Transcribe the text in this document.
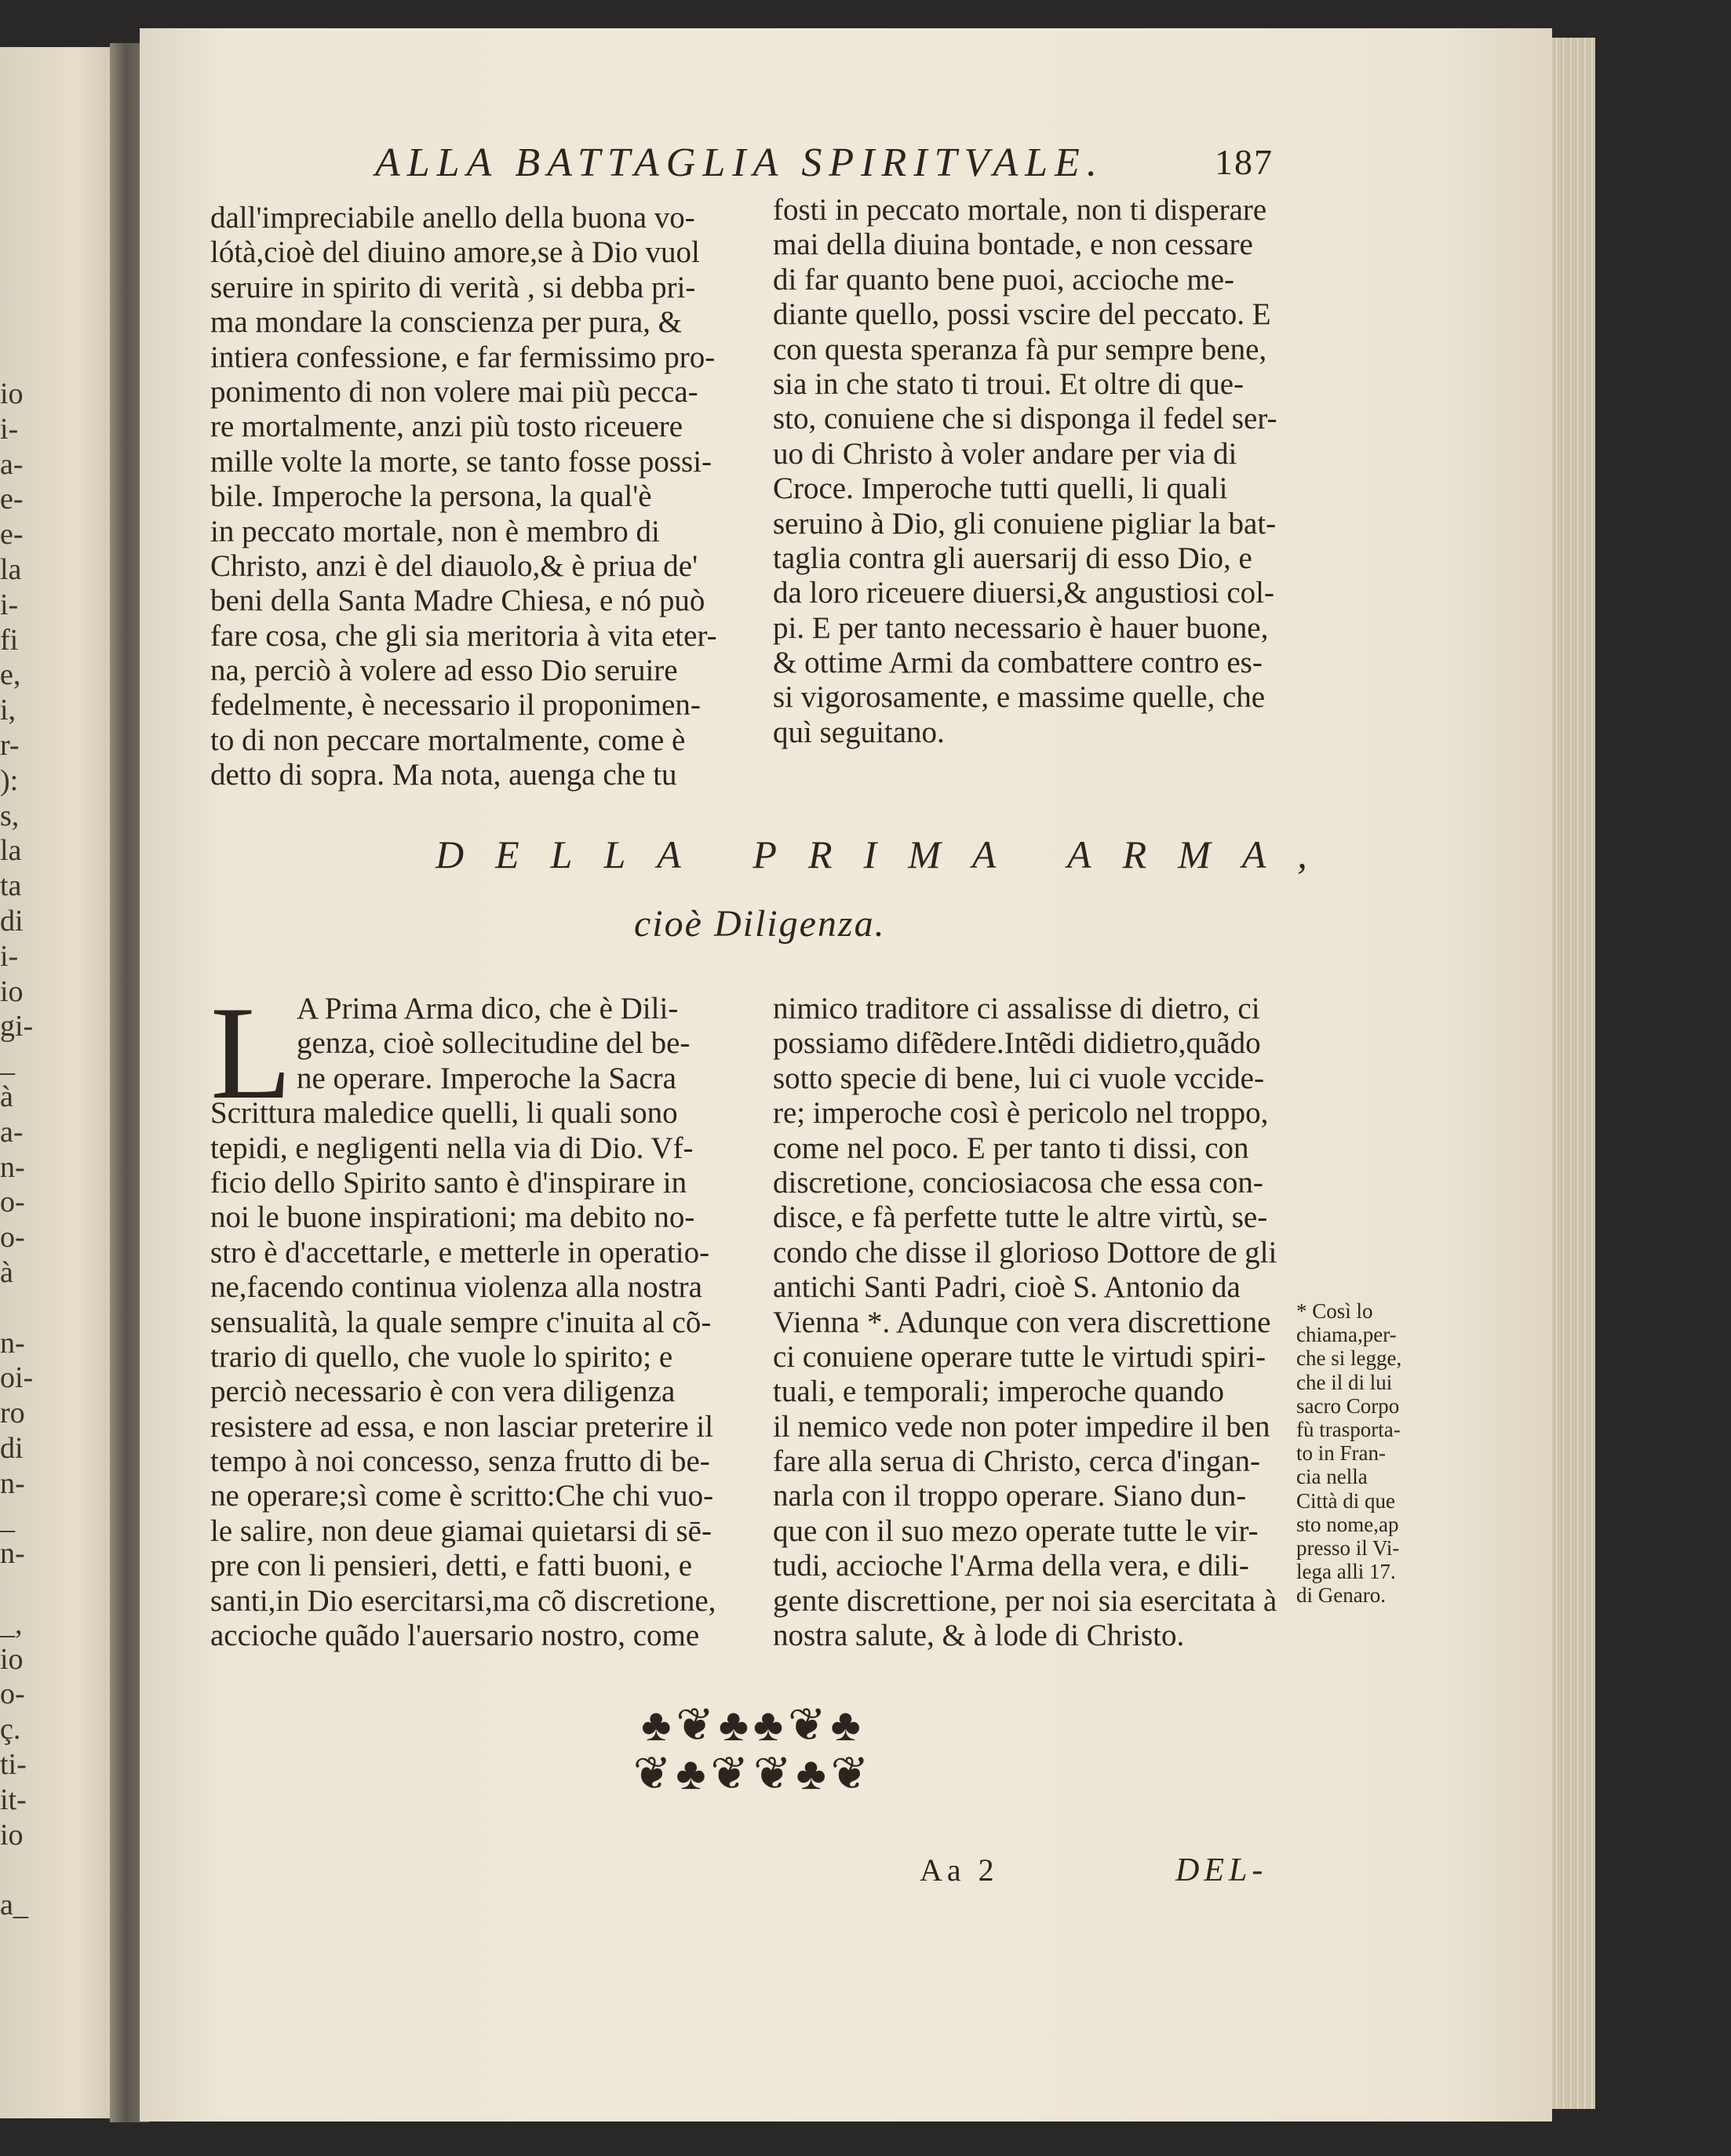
io
i-
a-
e-
e-
la
i-
fi
e,
i,
r-
):
s,
la
ta
di
i-
io
gi-
_
à
a-
n-
o-
o-
à
n-
oi-
ro
di
n-
_
n-
_,
io
o-
ç.
ti-
it-
io
a_
ALLA BATTAGLIA SPIRITVALE.	187
dall'impreciabile anello della buona vo-
lótà,cioè del diuino amore,se à Dio vuol
seruire in spirito di verità , si debba pri-
ma mondare la conscienza per pura, &
intiera confessione, e far fermissimo pro-
ponimento di non volere mai più pecca-
re mortalmente, anzi più tosto riceuere
mille volte la morte, se tanto fosse possi-
bile. Imperoche la persona, la qual'è
in peccato mortale, non è membro di
Christo, anzi è del diauolo,& è priua de'
beni della Santa Madre Chiesa, e nó può
fare cosa, che gli sia meritoria à vita eter-
na, perciò à volere ad esso Dio seruire
fedelmente, è necessario il proponimen-
to di non peccare mortalmente, come è
detto di sopra. Ma nota, auenga che tu
fosti in peccato mortale, non ti disperare
mai della diuina bontade, e non cessare
di far quanto bene puoi, accioche me-
diante quello, possi vscire del peccato. E
con questa speranza fà pur sempre bene,
sia in che stato ti troui. Et oltre di que-
sto, conuiene che si disponga il fedel ser-
uo di Christo à voler andare per via di
Croce. Imperoche tutti quelli, li quali
seruino à Dio, gli conuiene pigliar la bat-
taglia contra gli auersarij di esso Dio, e
da loro riceuere diuersi,& angustiosi col-
pi. E per tanto necessario è hauer buone,
& ottime Armi da combattere contro es-
si vigorosamente, e massime quelle, che
quì seguitano.
DELLA PRIMA ARMA,
cioè Diligenza.
L A Prima Arma dico, che è Dili-
genza, cioè sollecitudine del be-
ne operare. Imperoche la Sacra
Scrittura maledice quelli, li quali sono
tepidi, e negligenti nella via di Dio. Vf-
ficio dello Spirito santo è d'inspirare in
noi le buone inspirationi; ma debito no-
stro è d'accettarle, e metterle in operatio-
ne,facendo continua violenza alla nostra
sensualità, la quale sempre c'inuita al cõ-
trario di quello, che vuole lo spirito; e
perciò necessario è con vera diligenza
resistere ad essa, e non lasciar preterire il
tempo à noi concesso, senza frutto di be-
ne operare;sì come è scritto:Che chi vuo-
le salire, non deue giamai quietarsi di sē-
pre con li pensieri, detti, e fatti buoni, e
santi,in Dio esercitarsi,ma cõ discretione,
accioche quãdo l'auersario nostro, come
nimico traditore ci assalisse di dietro, ci
possiamo difẽdere.Intẽdi didietro,quãdo
sotto specie di bene, lui ci vuole vccide-
re; imperoche così è pericolo nel troppo,
come nel poco. E per tanto ti dissi, con
discretione, conciosiacosa che essa con-
disce, e fà perfette tutte le altre virtù, se-
condo che disse il glorioso Dottore de gli
antichi Santi Padri, cioè S. Antonio da
Vienna *. Adunque con vera discrettione
ci conuiene operare tutte le virtudi spiri-
tuali, e temporali; imperoche quando
il nemico vede non poter impedire il ben
fare alla serua di Christo, cerca d'ingan-
narla con il troppo operare. Siano dun-
que con il suo mezo operate tutte le vir-
tudi, accioche l'Arma della vera, e dili-
gente discrettione, per noi sia esercitata à
nostra salute, & à lode di Christo.
* Così lo
chiama,per-
che si legge,
che il di lui
sacro Corpo
fù trasporta-
to in Fran-
cia nella
Città di que
sto nome,ap
presso il Vi-
lega alli 17.
di Genaro.
♣❦♣♣❦♣
❦♣❦❦♣❦
Aa 2	DEL-
